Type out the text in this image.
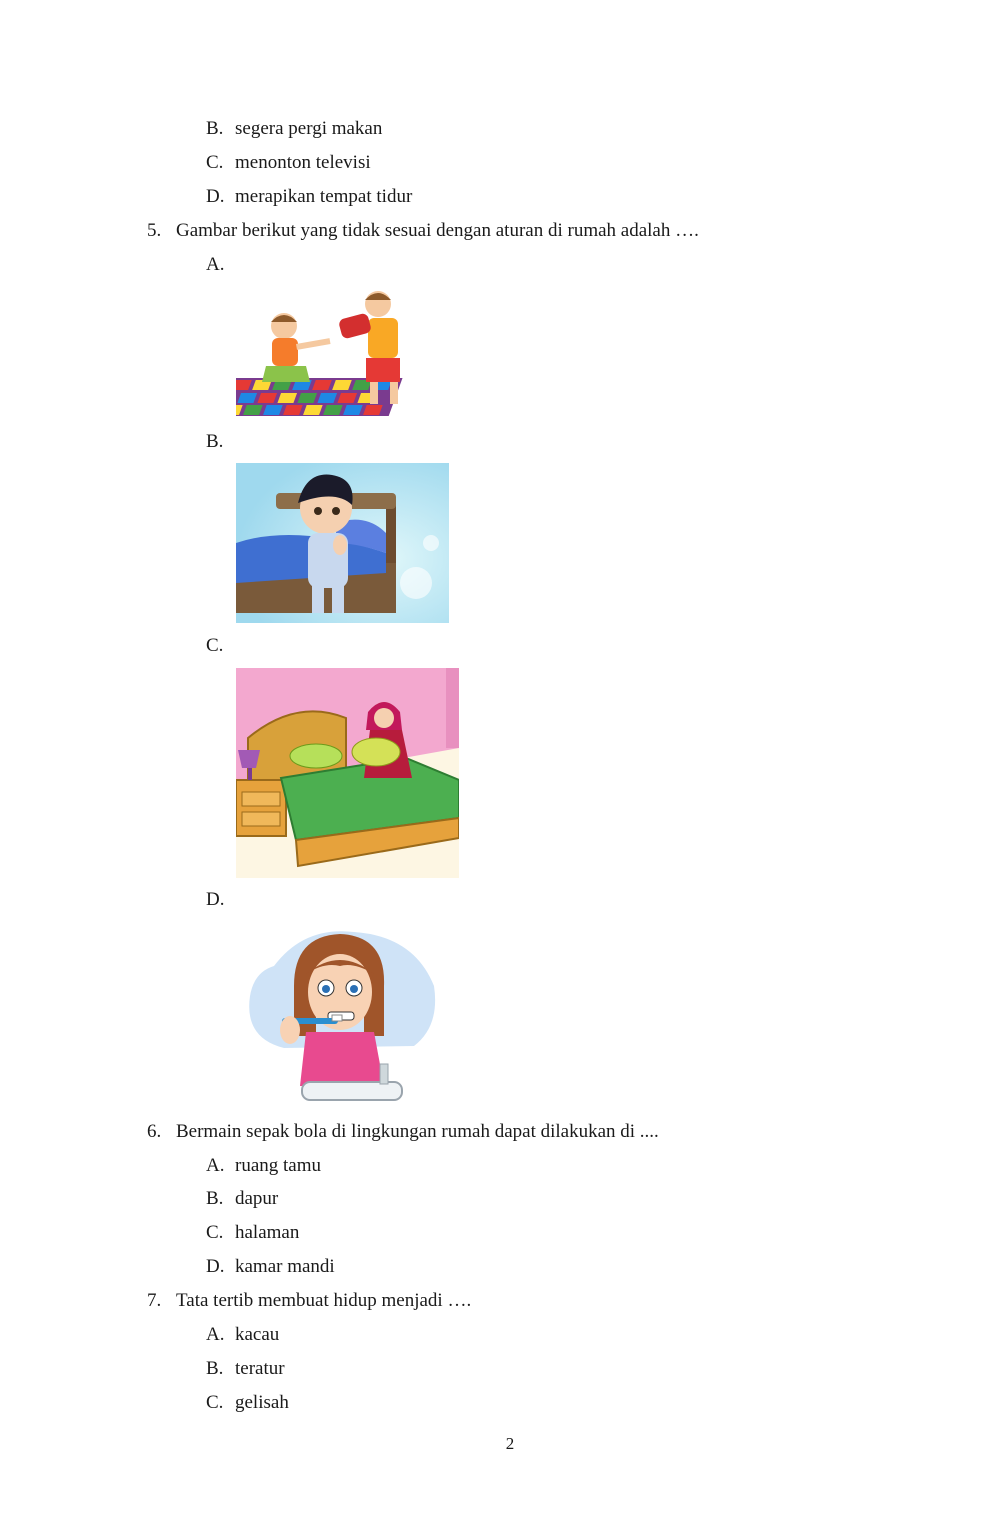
B. segera pergi makan
C. menonton televisi
D. merapikan tempat tidur
5. Gambar berikut yang tidak sesuai dengan aturan di rumah adalah ….
A.
B.
C.
D.
6. Bermain sepak bola di lingkungan rumah dapat dilakukan di ....
A. ruang tamu
B. dapur
C. halaman
D. kamar mandi
7. Tata tertib membuat hidup menjadi ….
A. kacau
B. teratur
C. gelisah
2
